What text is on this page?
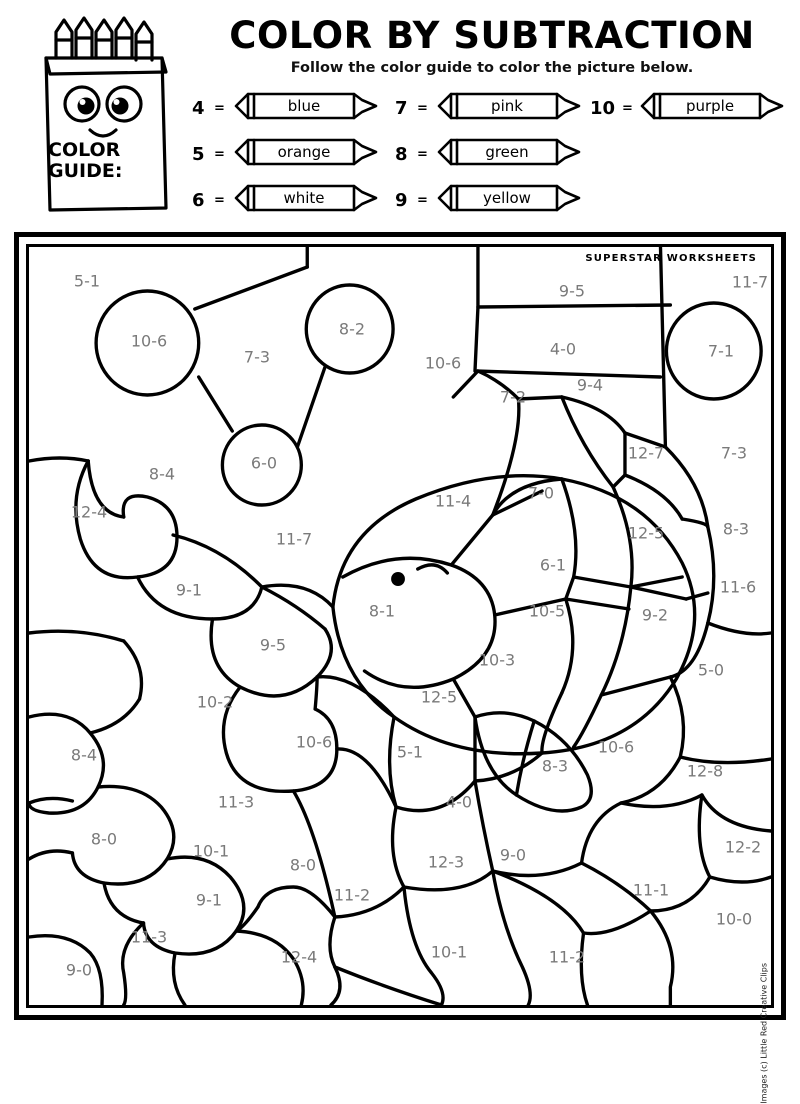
COLOR
GUIDE:
COLOR BY SUBTRACTION
Follow the color guide to color the picture below.
4 =	blue
5 =	orange
6 =	white
7 =	pink
8 =	green
9 =	yellow
10 =	purple
SUPERSTAR WORKSHEETS
Images (c) Little Red Creative Clips
5-1
10-6
7-3
8-2
10-6
9-5
4-0
11-7
7-1
6-0
8-4
12-4
11-7
7-2
9-4
12-7	7-3
7-0
11-4
12-5	8-3
6-1
11-6
9-1
8-1	9-2
10-5
9-5
10-3
10-2	12-5
5-0
10-6
5-1	10-6
8-3	12-8
8-4
11-3	4-0
8-0
10-1
8-0	12-3 9-0	12-2
11-1
9-1	11-2
11-3
10-0
9-0
12-4	10-1	11-2
